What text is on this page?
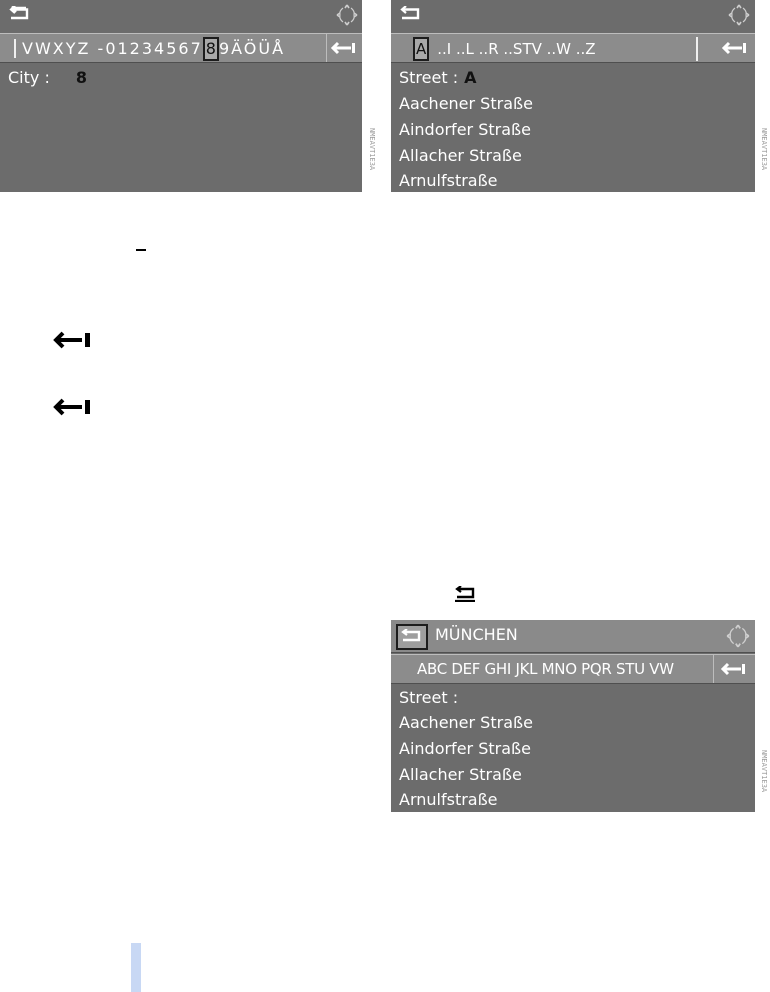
VWXYZ -01234567 8 9ÄÖÜÅ
City : 8
NMEAVT1E3A
A ..I ..L ..R ..STV ..W ..Z
Street : A
Aachener Straße
Aindorfer Straße
Allacher Straße
Arnulfstraße
NMEAVT1E3A
MÜNCHEN
ABC DEF GHI JKL MNO PQR STU VW
Street :
Aachener Straße
Aindorfer Straße
Allacher Straße
Arnulfstraße
NMEAVT1E3A
